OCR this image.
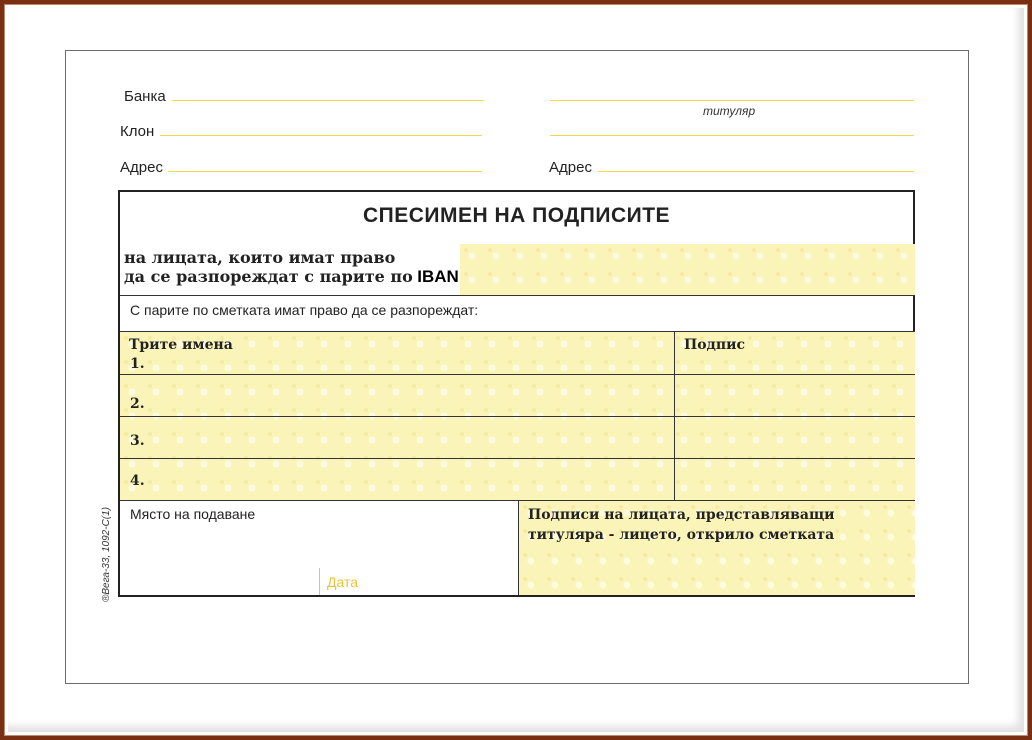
Банка
Клон
Адрес
титуляр
Адрес
СПЕСИМЕН НА ПОДПИСИТЕ
на лицата, които имат право
да се разпореждат с парите по IBAN
С парите по сметката имат право да се разпореждат:
Трите имена	Подпис
1.
2.
3.
4.
Място на подаване
Дата
Подписи на лицата, представляващи
титуляра - лицето, открило сметката
®Вега-33, 1092-С(1)
